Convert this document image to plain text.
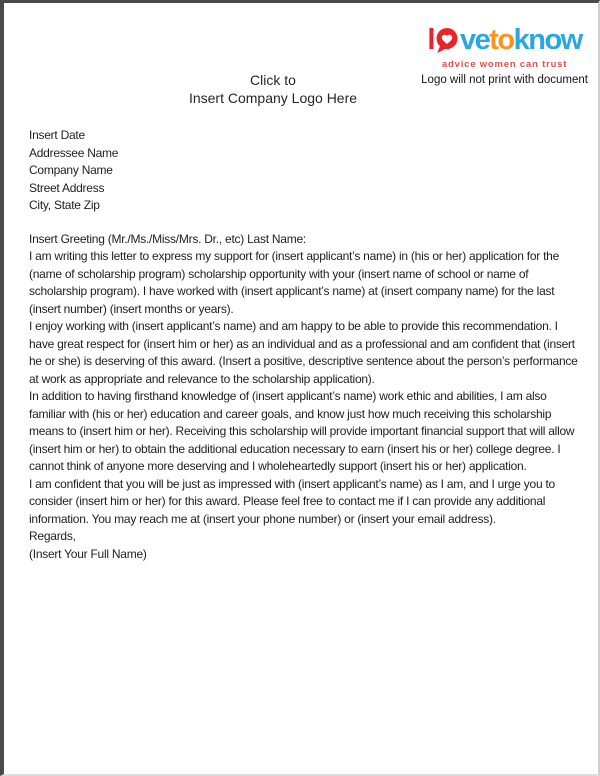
Click to
Insert Company Logo Here
l vetoknow
advice women can trust
Logo will not print with document

Insert Date

Addressee Name
Company Name
Street Address
City, State Zip

Insert Greeting (Mr./Ms./Miss/Mrs. Dr., etc) Last Name:

I am writing this letter to express my support for (insert applicant’s name) in (his or her) application for the (name of scholarship program) scholarship opportunity with your (insert name of school or name of scholarship program). I have worked with (insert applicant’s name) at (insert company name) for the last (insert number) (insert months or years).

I enjoy working with (insert applicant’s name) and am happy to be able to provide this recommendation. I have great respect for (insert him or her) as an individual and as a professional and am confident that (insert he or she) is deserving of this award. (Insert a positive, descriptive sentence about the person’s performance at work as appropriate and relevance to the scholarship application).

In addition to having firsthand knowledge of (insert applicant’s name) work ethic and abilities, I am also familiar with (his or her) education and career goals, and know just how much receiving this scholarship means to (insert him or her). Receiving this scholarship will provide important financial support that will allow (insert him or her) to obtain the additional education necessary to earn (insert his or her) college degree. I cannot think of anyone more deserving and I wholeheartedly support (insert his or her) application.

I am confident that you will be just as impressed with (insert applicant’s name) as I am, and I urge you to consider (insert him or her) for this award. Please feel free to contact me if I can provide any additional information. You may reach me at (insert your phone number) or (insert your email address).

Regards,

(Insert Your Full Name)
